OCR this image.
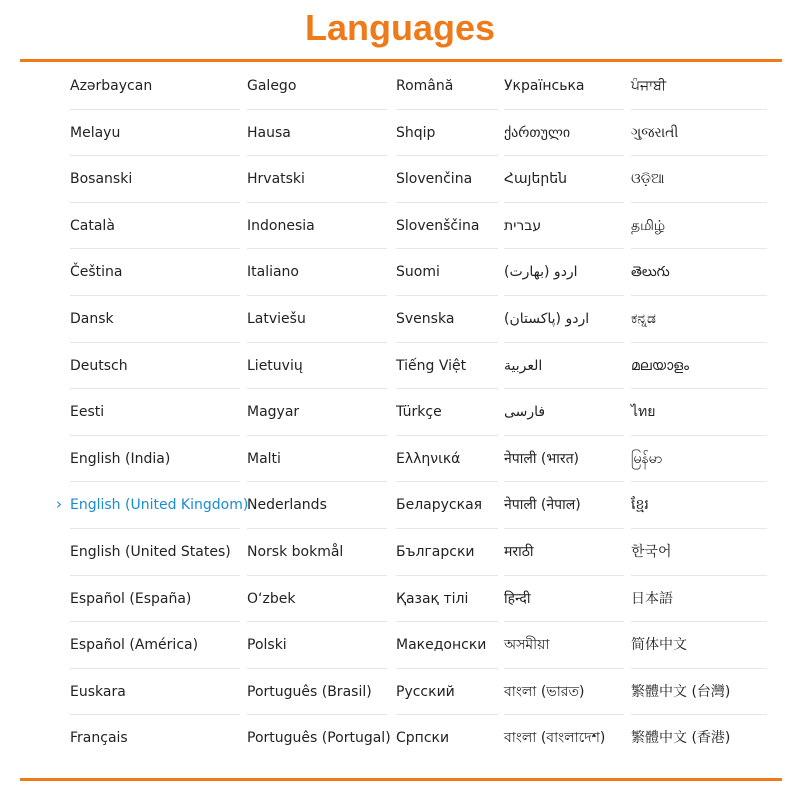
Languages
Azərbaycan
Melayu
Bosanski
Català
Čeština
Dansk
Deutsch
Eesti
English (India)
› English (United Kingdom)
English (United States)
Español (España)
Español (América)
Euskara
Français
Galego
Hausa
Hrvatski
Indonesia
Italiano
Latviešu
Lietuvių
Magyar
Malti
Nederlands
Norsk bokmål
O‘zbek
Polski
Português (Brasil)
Português (Portugal)
Română
Shqip
Slovenčina
Slovenščina
Suomi
Svenska
Tiếng Việt
Türkçe
Ελληνικά
Беларуская
Български
Қазақ тілі
Македонски
Русский
Српски
Українська
ქართული
Հայերեն
עברית
اردو (بھارت)
اردو (پاکستان)
العربية
فارسی
नेपाली (भारत)
नेपाली (नेपाल)
मराठी
हिन्दी
অসমীয়া
বাংলা (ভারত)
বাংলা (বাংলাদেশ)
ਪੰਜਾਬੀ
ગુજરાતી
ଓଡ଼ିଆ
தமிழ்
తెలుగు
ಕನ್ನಡ
മലയാളം
ไทย
မြန်မာ
ខ្មែរ
한국어
日本語
简体中文
繁體中文 (台灣)
繁體中文 (香港)
